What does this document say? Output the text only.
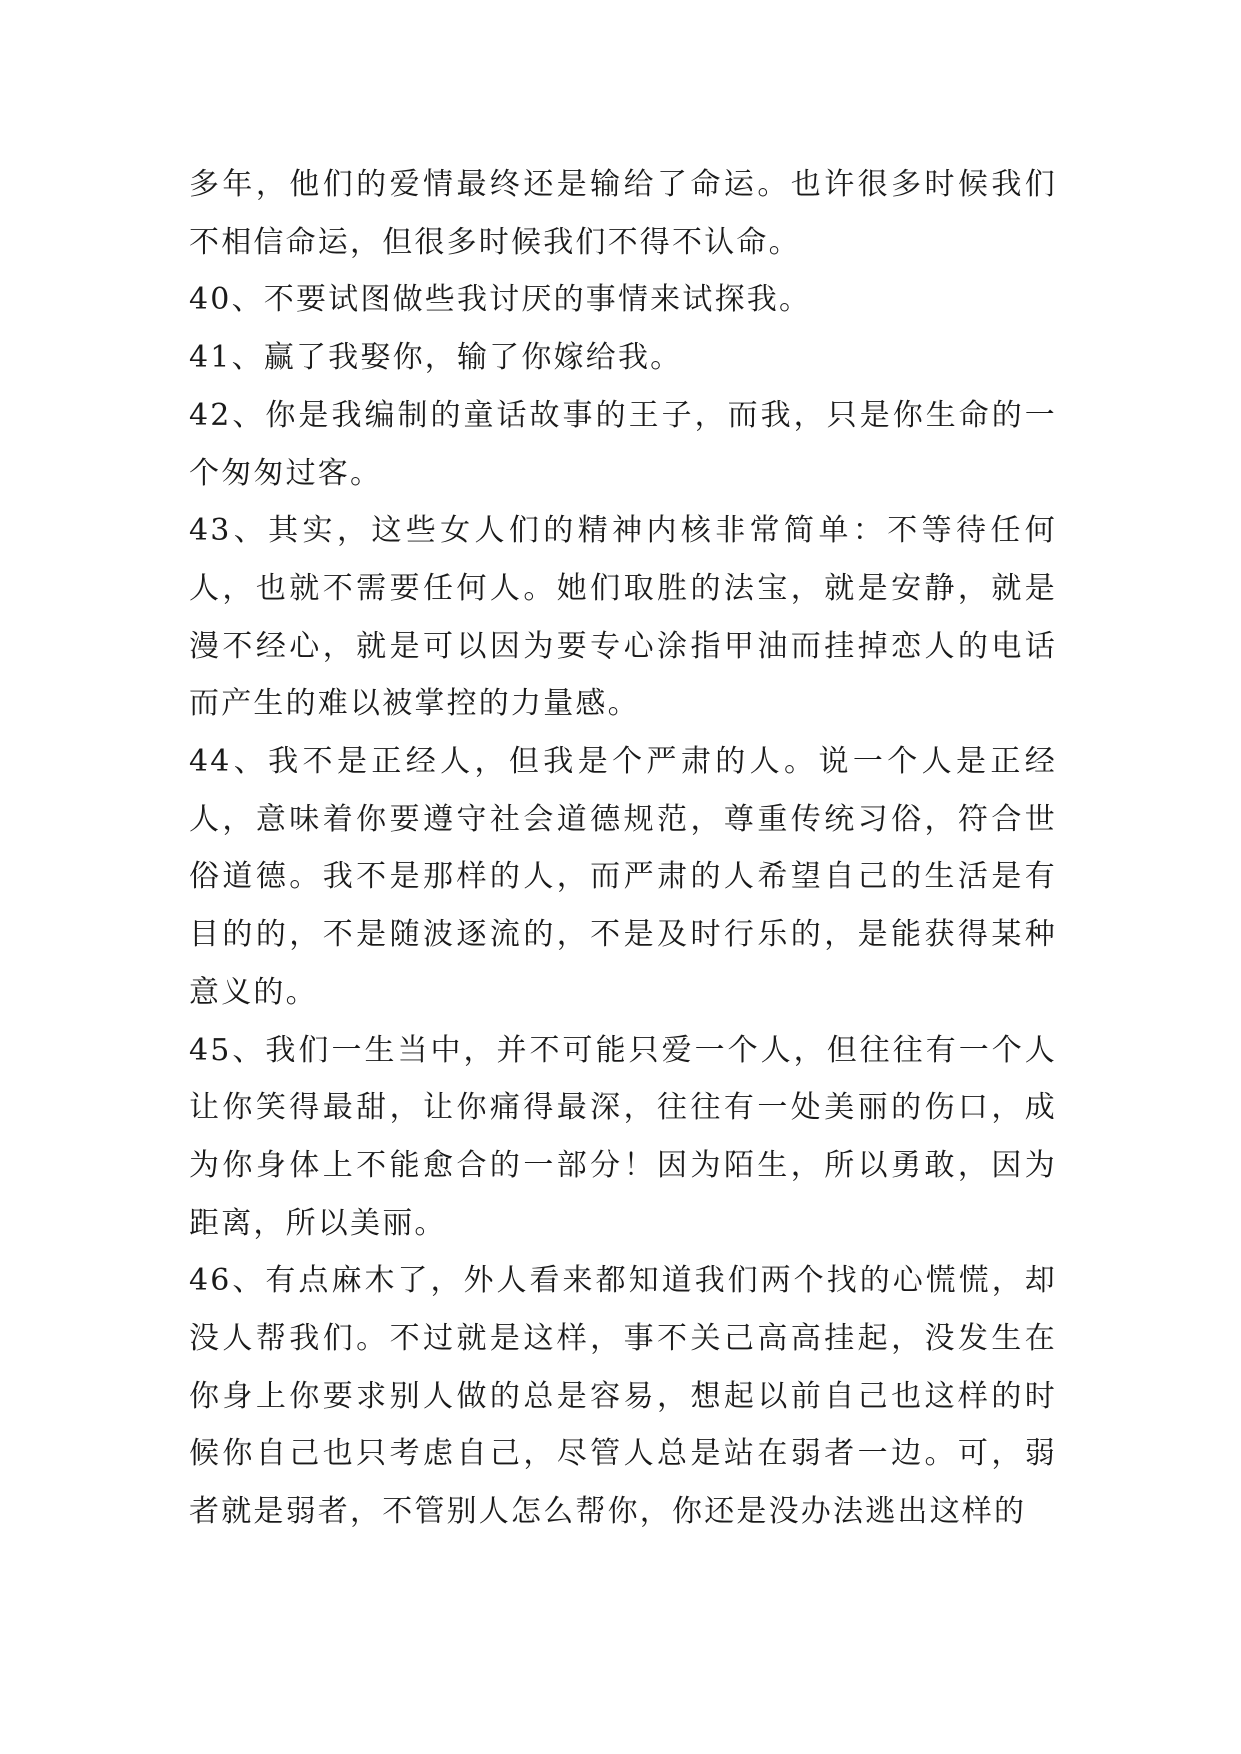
多年，他们的爱情最终还是输给了命运。也许很多时候我们不相信命运，但很多时候我们不得不认命。

40、不要试图做些我讨厌的事情来试探我。

41、赢了我娶你，输了你嫁给我。

42、你是我编制的童话故事的王子，而我，只是你生命的一个匆匆过客。

43、其实，这些女人们的精神内核非常简单：不等待任何人，也就不需要任何人。她们取胜的法宝，就是安静，就是漫不经心，就是可以因为要专心涂指甲油而挂掉恋人的电话而产生的难以被掌控的力量感。

44、我不是正经人，但我是个严肃的人。说一个人是正经人，意味着你要遵守社会道德规范，尊重传统习俗，符合世俗道德。我不是那样的人，而严肃的人希望自己的生活是有目的的，不是随波逐流的，不是及时行乐的，是能获得某种意义的。

45、我们一生当中，并不可能只爱一个人，但往往有一个人让你笑得最甜，让你痛得最深，往往有一处美丽的伤口，成为你身体上不能愈合的一部分！因为陌生，所以勇敢，因为距离，所以美丽。

46、有点麻木了，外人看来都知道我们两个找的心慌慌，却没人帮我们。不过就是这样，事不关己高高挂起，没发生在你身上你要求别人做的总是容易，想起以前自己也这样的时候你自己也只考虑自己，尽管人总是站在弱者一边。可，弱者就是弱者，不管别人怎么帮你，你还是没办法逃出这样的
